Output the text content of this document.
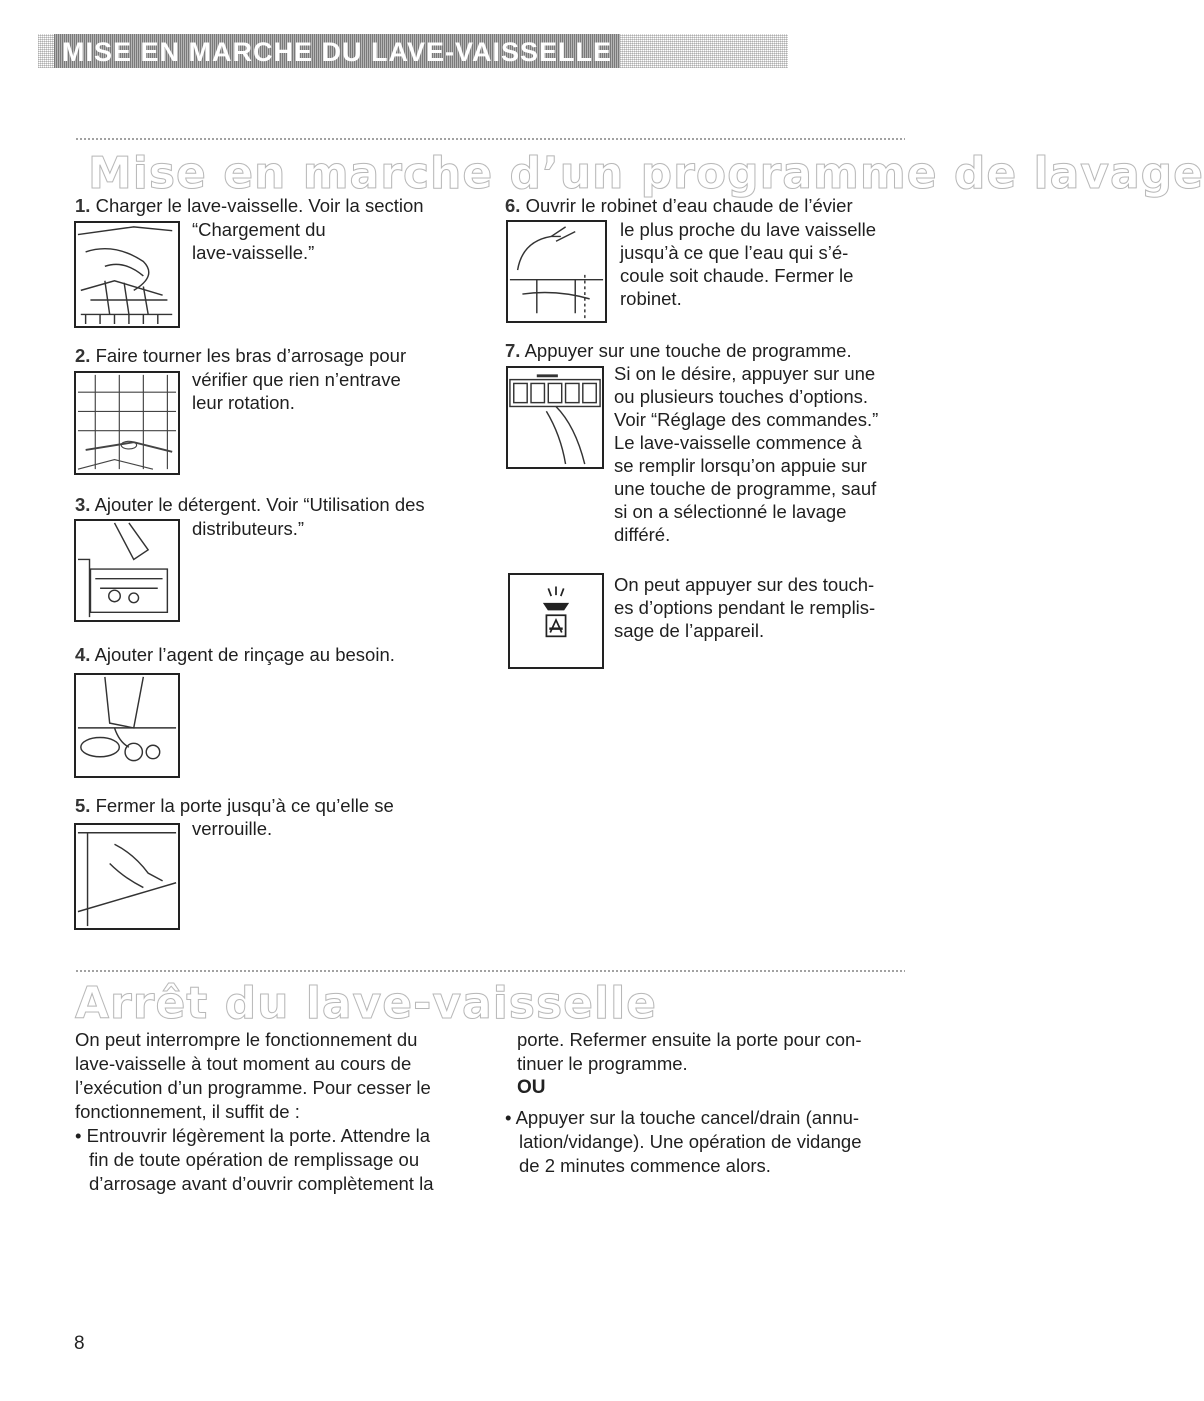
MISE EN MARCHE DU LAVE-VAISSELLE
Mise en marche d’un programme de lavage
1. Charger le lave-vaisselle. Voir la section
“Chargement du
lave-vaisselle.”
2. Faire tourner les bras d’arrosage pour
vérifier que rien n’entrave
leur rotation.
3. Ajouter le détergent. Voir “Utilisation des
distributeurs.”
4. Ajouter l’agent de rinçage au besoin.
5. Fermer la porte jusqu’à ce qu’elle se
verrouille.
6. Ouvrir le robinet d’eau chaude de l’évier
le plus proche du lave vaisselle
jusqu’à ce que l’eau qui s’é-
coule soit chaude. Fermer le
robinet.
7. Appuyer sur une touche de programme.
Si on le désire, appuyer sur une
ou plusieurs touches d’options.
Voir “Réglage des commandes.”
Le lave-vaisselle commence à
se remplir lorsqu’on appuie sur
une touche de programme, sauf
si on a sélectionné le lavage
différé.
On peut appuyer sur des touch-
es d’options pendant le remplis-
sage de l’appareil.
Arrêt du lave-vaisselle
On peut interrompre le fonctionnement du
lave-vaisselle à tout moment au cours de
l’exécution d’un programme. Pour cesser le
fonctionnement, il suffit de :
• Entrouvrir légèrement la porte. Attendre la
fin de toute opération de remplissage ou
d’arrosage avant d’ouvrir complètement la
porte. Refermer ensuite la porte pour con-
tinuer le programme.
OU
• Appuyer sur la touche cancel/drain (annu-
lation/vidange). Une opération de vidange
de 2 minutes commence alors.
8
